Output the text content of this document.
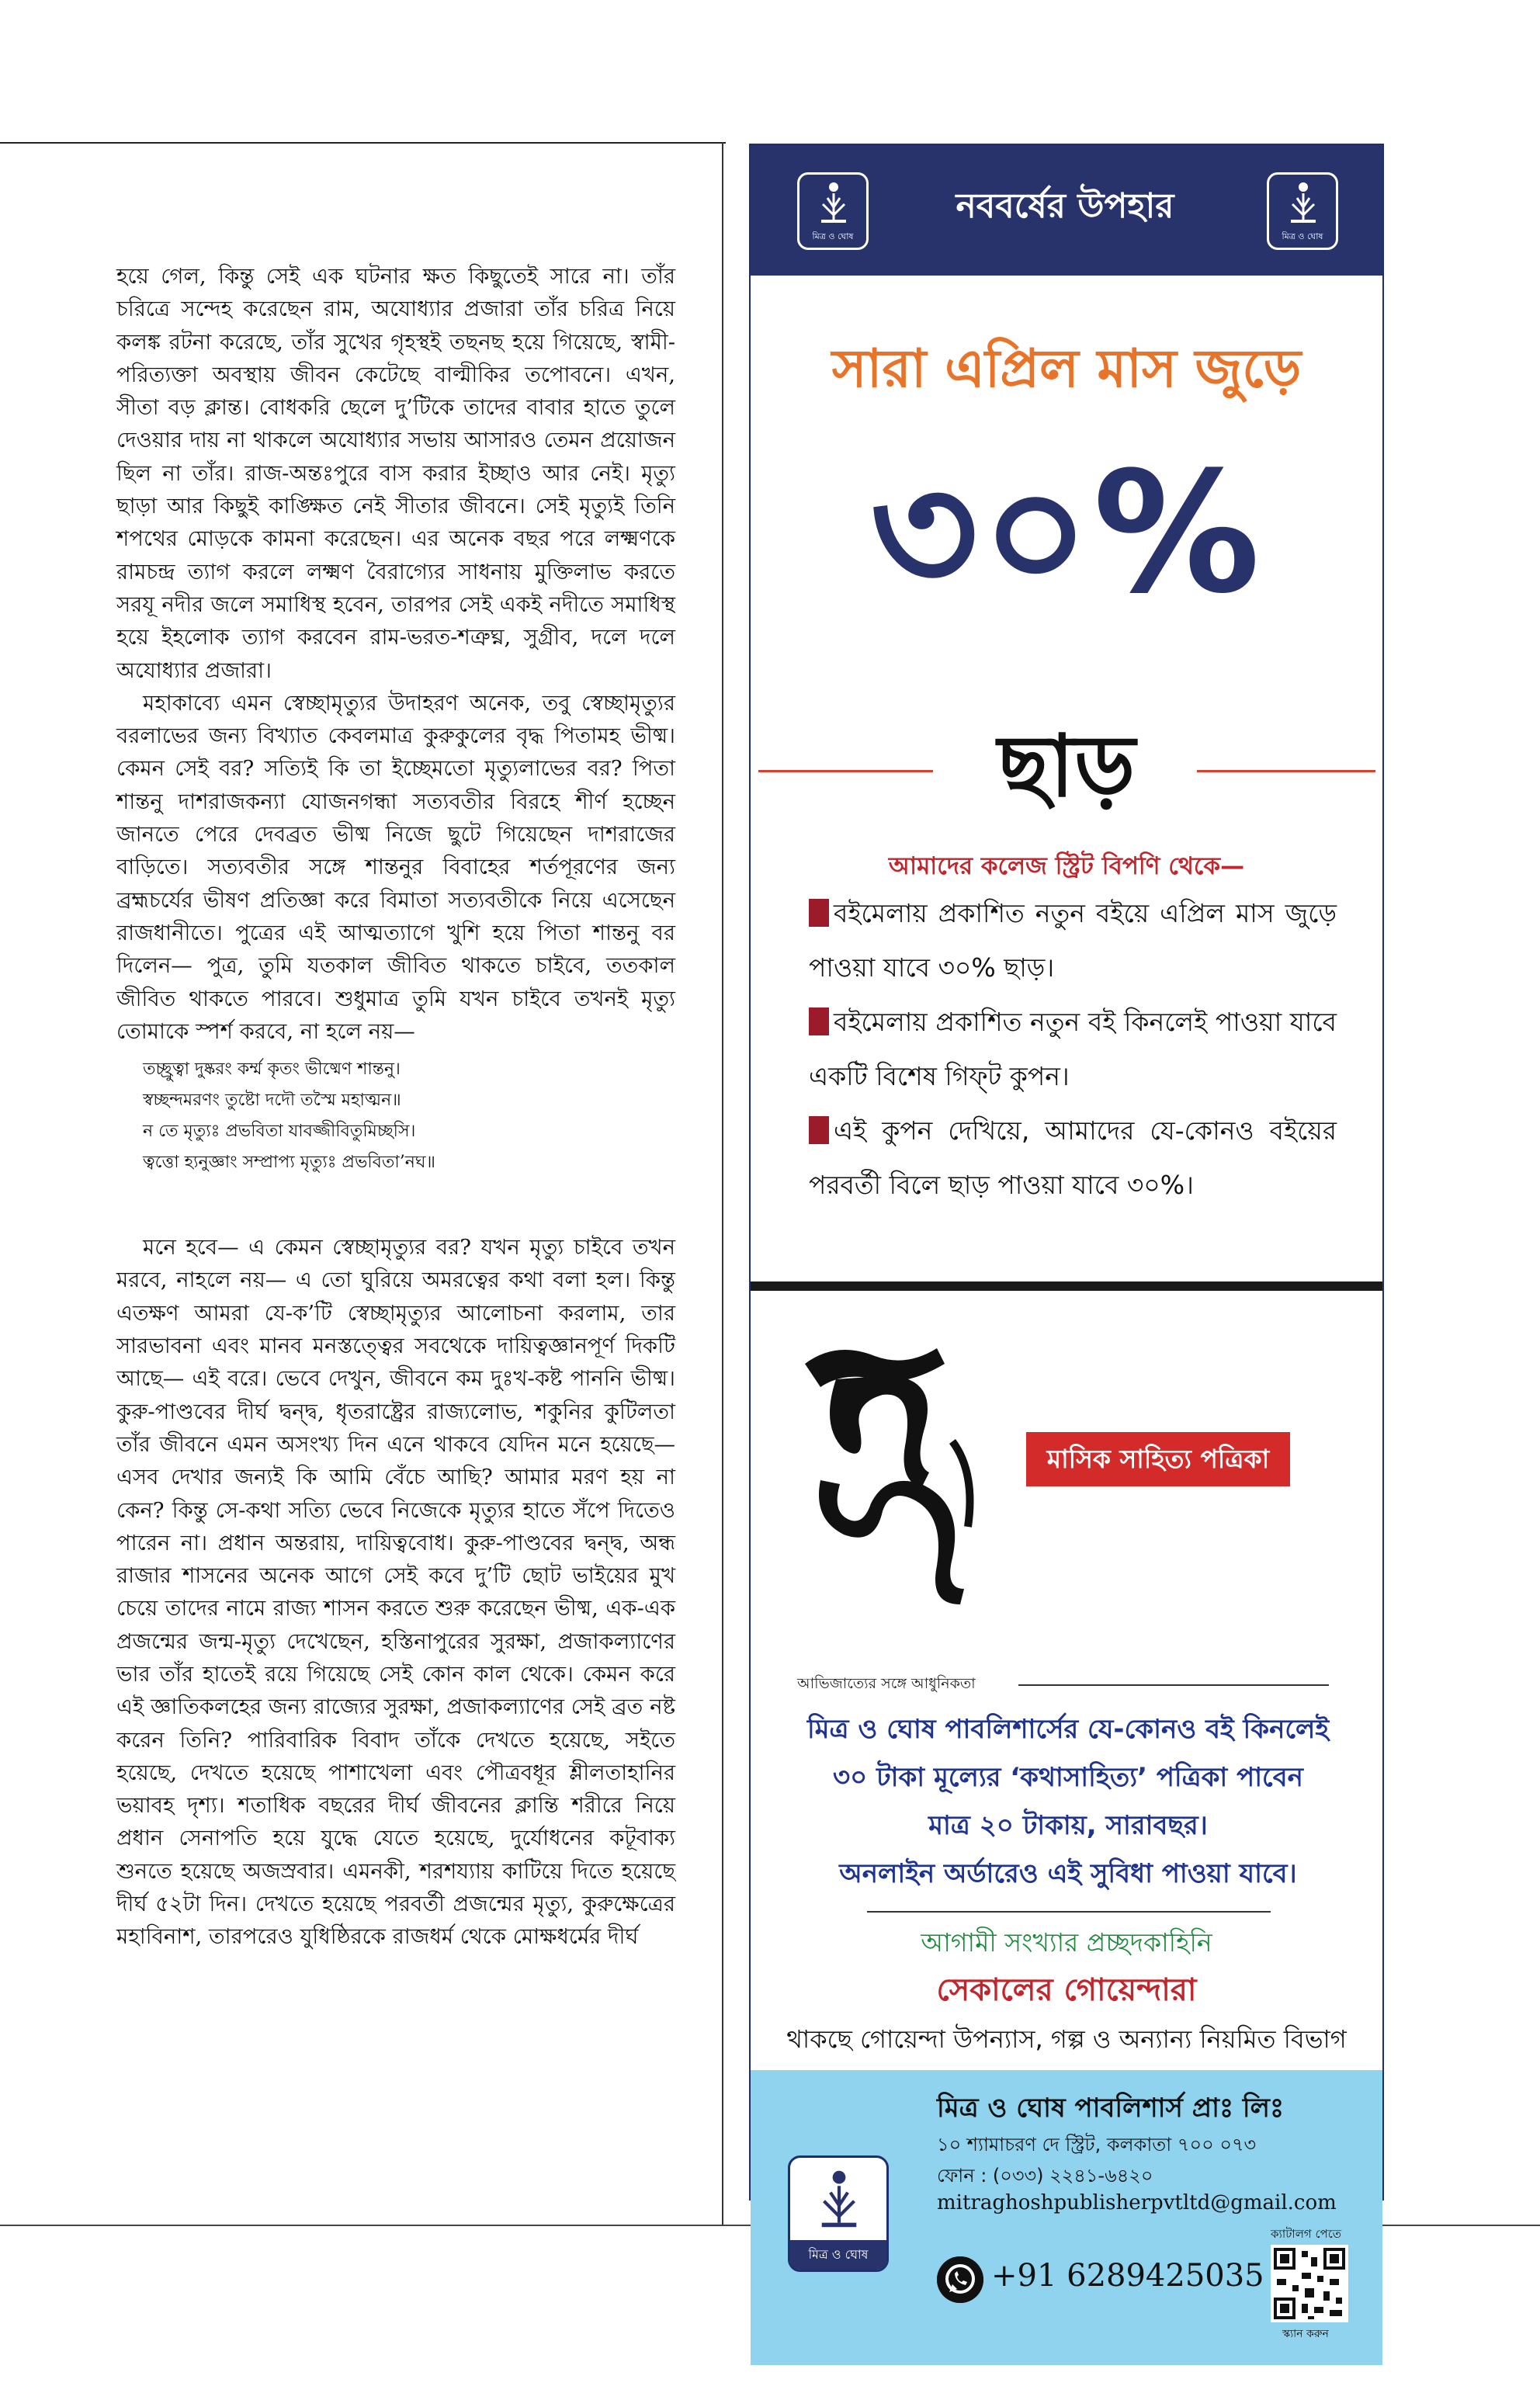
হয়ে গেল, কিন্তু সেই এক ঘটনার ক্ষত কিছুতেই সারে না। তাঁর চরিত্রে সন্দেহ করেছেন রাম, অযোধ্যার প্রজারা তাঁর চরিত্র নিয়ে কলঙ্ক রটনা করেছে, তাঁর সুখের গৃহস্থই তছনছ হয়ে গিয়েছে, স্বামী-পরিত্যক্তা অবস্থায় জীবন কেটেছে বাল্মীকির তপোবনে। এখন, সীতা বড় ক্লান্ত। বোধকরি ছেলে দু’টিকে তাদের বাবার হাতে তুলে দেওয়ার দায় না থাকলে অযোধ্যার সভায় আসারও তেমন প্রয়োজন ছিল না তাঁর। রাজ-অন্তঃপুরে বাস করার ইচ্ছাও আর নেই। মৃত্যু ছাড়া আর কিছুই কাঙ্ক্ষিত নেই সীতার জীবনে। সেই মৃত্যুই তিনি শপথের মোড়কে কামনা করেছেন। এর অনেক বছর পরে লক্ষ্মণকে রামচন্দ্র ত্যাগ করলে লক্ষ্মণ বৈরাগ্যের সাধনায় মুক্তিলাভ করতে সরযূ নদীর জলে সমাধিস্থ হবেন, তারপর সেই একই নদীতে সমাধিস্থ হয়ে ইহলোক ত্যাগ করবেন রাম-ভরত-শত্রুঘ্ন, সুগ্রীব, দলে দলে অযোধ্যার প্রজারা।

মহাকাব্যে এমন স্বেচ্ছামৃত্যুর উদাহরণ অনেক, তবু স্বেচ্ছামৃত্যুর বরলাভের জন্য বিখ্যাত কেবলমাত্র কুরুকুলের বৃদ্ধ পিতামহ ভীষ্ম। কেমন সেই বর? সত্যিই কি তা ইচ্ছেমতো মৃত্যুলাভের বর? পিতা শান্তনু দাশরাজকন্যা যোজনগন্ধা সত্যবতীর বিরহে শীর্ণ হচ্ছেন জানতে পেরে দেবব্রত ভীষ্ম নিজে ছুটে গিয়েছেন দাশরাজের বাড়িতে। সত্যবতীর সঙ্গে শান্তনুর বিবাহের শর্তপূরণের জন্য ব্রহ্মচর্যের ভীষণ প্রতিজ্ঞা করে বিমাতা সত্যবতীকে নিয়ে এসেছেন রাজধানীতে। পুত্রের এই আত্মত্যাগে খুশি হয়ে পিতা শান্তনু বর দিলেন— পুত্র, তুমি যতকাল জীবিত থাকতে চাইবে, ততকাল জীবিত থাকতে পারবে। শুধুমাত্র তুমি যখন চাইবে তখনই মৃত্যু তোমাকে স্পর্শ করবে, না হলে নয়—

তচ্ছ্রুত্বা দুষ্করং কর্ম্ম কৃতং ভীষ্মেণ শান্তনু।
স্বচ্ছন্দমরণং তুষ্টো দদৌ তস্মৈ মহাত্মন॥
ন তে মৃত্যুঃ প্রভবিতা যাবজ্জীবিতুমিচ্ছসি।
ত্বত্তো হ্যনুজ্ঞাং সম্প্রাপ্য মৃত্যুঃ প্রভবিতা’নঘ॥

মনে হবে— এ কেমন স্বেচ্ছামৃত্যুর বর? যখন মৃত্যু চাইবে তখন মরবে, নাহলে নয়— এ তো ঘুরিয়ে অমরত্বের কথা বলা হল। কিন্তু এতক্ষণ আমরা যে-ক’টি স্বেচ্ছামৃত্যুর আলোচনা করলাম, তার সারভাবনা এবং মানব মনস্তত্ত্বের সবথেকে দায়িত্বজ্ঞানপূর্ণ দিকটি আছে— এই বরে। ভেবে দেখুন, জীবনে কম দুঃখ-কষ্ট পাননি ভীষ্ম। কুরু-পাণ্ডবের দীর্ঘ দ্বন্দ্ব, ধৃতরাষ্ট্রের রাজ্যলোভ, শকুনির কুটিলতা তাঁর জীবনে এমন অসংখ্য দিন এনে থাকবে যেদিন মনে হয়েছে— এসব দেখার জন্যই কি আমি বেঁচে আছি? আমার মরণ হয় না কেন? কিন্তু সে-কথা সত্যি ভেবে নিজেকে মৃত্যুর হাতে সঁপে দিতেও পারেন না। প্রধান অন্তরায়, দায়িত্ববোধ। কুরু-পাণ্ডবের দ্বন্দ্ব, অন্ধ রাজার শাসনের অনেক আগে সেই কবে দু’টি ছোট ভাইয়ের মুখ চেয়ে তাদের নামে রাজ্য শাসন করতে শুরু করেছেন ভীষ্ম, এক-এক প্রজন্মের জন্ম-মৃত্যু দেখেছেন, হস্তিনাপুরের সুরক্ষা, প্রজাকল্যাণের ভার তাঁর হাতেই রয়ে গিয়েছে সেই কোন কাল থেকে। কেমন করে এই জ্ঞাতিকলহের জন্য রাজ্যের সুরক্ষা, প্রজাকল্যাণের সেই ব্রত নষ্ট করেন তিনি? পারিবারিক বিবাদ তাঁকে দেখতে হয়েছে, সইতে হয়েছে, দেখতে হয়েছে পাশাখেলা এবং পৌত্রবধূর শ্লীলতাহানির ভয়াবহ দৃশ্য। শতাধিক বছরের দীর্ঘ জীবনের ক্লান্তি শরীরে নিয়ে প্রধান সেনাপতি হয়ে যুদ্ধে যেতে হয়েছে, দুর্যোধনের কটূবাক্য শুনতে হয়েছে অজস্রবার। এমনকী, শরশয্যায় কাটিয়ে দিতে হয়েছে দীর্ঘ ৫২টা দিন। দেখতে হয়েছে পরবর্তী প্রজন্মের মৃত্যু, কুরুক্ষেত্রের মহাবিনাশ, তারপরেও যুধিষ্ঠিরকে রাজধর্ম থেকে মোক্ষধর্মের দীর্ঘ

মিত্র ও ঘোষ
নববর্ষের উপহার
মিত্র ও ঘোষ
সারা এপ্রিল মাস জুড়ে
৩০%
ছাড়
আমাদের কলেজ স্ট্রিট বিপণি থেকে—

বইমেলায় প্রকাশিত নতুন বইয়ে এপ্রিল মাস জুড়ে পাওয়া যাবে ৩০% ছাড়।

বইমেলায় প্রকাশিত নতুন বই কিনলেই পাওয়া যাবে একটি বিশেষ গিফ্‌ট কুপন।

এই কুপন দেখিয়ে, আমাদের যে-কোনও বইয়ের পরবর্তী বিলে ছাড় পাওয়া যাবে ৩০%।

মাসিক সাহিত্য পত্রিকা
আভিজাত্যের সঙ্গে আধুনিকতা
মিত্র ও ঘোষ পাবলিশার্সের যে-কোনও বই কিনলেই
৩০ টাকা মূল্যের ‘কথাসাহিত্য’ পত্রিকা পাবেন
মাত্র ২০ টাকায়, সারাবছর।
অনলাইন অর্ডারেও এই সুবিধা পাওয়া যাবে।
আগামী সংখ্যার প্রচ্ছদকাহিনি
সেকালের গোয়েন্দারা
থাকছে গোয়েন্দা উপন্যাস, গল্প ও অন্যান্য নিয়মিত বিভাগ
মিত্র ও ঘোষ
মিত্র ও ঘোষ পাবলিশার্স প্রাঃ লিঃ
১০ শ্যামাচরণ দে স্ট্রিট, কলকাতা ৭০০ ০৭৩
ফোন : (০৩৩) ২২৪১-৬৪২০
mitraghoshpublisherpvtltd@gmail.com
+91 6289425035
ক্যাটালগ পেতে
স্ক্যান করুন
